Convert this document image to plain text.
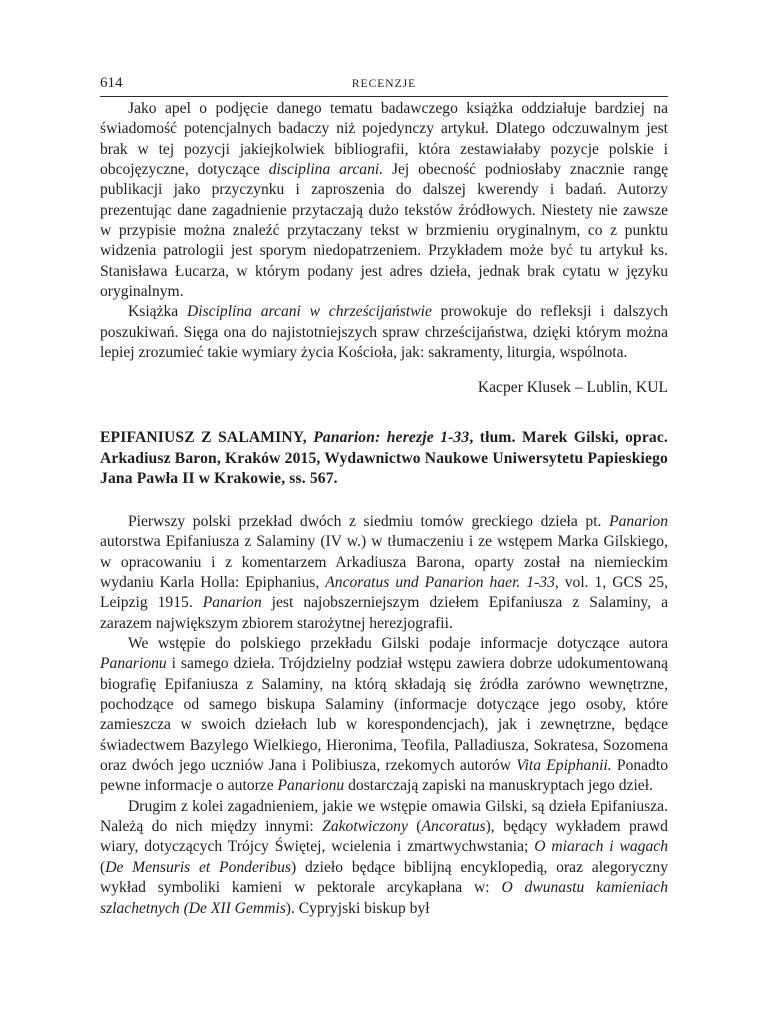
614	RECENZJE

Jako apel o podjęcie danego tematu badawczego książka oddziałuje bardziej na świadomość potencjalnych badaczy niż pojedynczy artykuł. Dlatego odczuwalnym jest brak w tej pozycji jakiejkolwiek bibliografii, która zestawiałaby pozycje polskie i obcojęzyczne, dotyczące disciplina arcani. Jej obecność podniosłaby znacznie rangę publikacji jako przyczynku i zaproszenia do dalszej kwerendy i badań. Autorzy prezentując dane zagadnienie przytaczają dużo tekstów źródłowych. Niestety nie zawsze w przypisie można znaleźć przytaczany tekst w brzmieniu oryginalnym, co z punktu widzenia patrologii jest sporym niedopatrzeniem. Przykładem może być tu artykuł ks. Stanisława Łucarza, w którym podany jest adres dzieła, jednak brak cytatu w języku oryginalnym.

Książka Disciplina arcani w chrześcijaństwie prowokuje do refleksji i dalszych poszukiwań. Sięga ona do najistotniejszych spraw chrześcijaństwa, dzięki którym można lepiej zrozumieć takie wymiary życia Kościoła, jak: sakramenty, liturgia, wspólnota.

Kacper Klusek – Lublin, KUL
EPIFANIUSZ Z SALAMINY, Panarion: herezje 1-33, tłum. Marek Gilski, oprac. Arkadiusz Baron, Kraków 2015, Wydawnictwo Naukowe Uniwersytetu Papieskiego Jana Pawła II w Krakowie, ss. 567.

Pierwszy polski przekład dwóch z siedmiu tomów greckiego dzieła pt. Panarion autorstwa Epifaniusza z Salaminy (IV w.) w tłumaczeniu i ze wstępem Marka Gilskiego, w opracowaniu i z komentarzem Arkadiusza Barona, oparty został na niemieckim wydaniu Karla Holla: Epiphanius, Ancoratus und Panarion haer. 1-33, vol. 1, GCS 25, Leipzig 1915. Panarion jest najobszerniejszym dziełem Epifaniusza z Salaminy, a zarazem największym zbiorem starożytnej herezjografii.

We wstępie do polskiego przekładu Gilski podaje informacje dotyczące autora Panarionu i samego dzieła. Trójdzielny podział wstępu zawiera dobrze udokumentowaną biografię Epifaniusza z Salaminy, na którą składają się źródła zarówno wewnętrzne, pochodzące od samego biskupa Salaminy (informacje dotyczące jego osoby, które zamieszcza w swoich dziełach lub w korespondencjach), jak i zewnętrzne, będące świadectwem Bazylego Wielkiego, Hieronima, Teofila, Palladiusza, Sokratesa, Sozomena oraz dwóch jego uczniów Jana i Polibiusza, rzekomych autorów Vita Epiphanii. Ponadto pewne informacje o autorze Panarionu dostarczają zapiski na manuskryptach jego dzieł.

Drugim z kolei zagadnieniem, jakie we wstępie omawia Gilski, są dzieła Epifaniusza. Należą do nich między innymi: Zakotwiczony (Ancoratus), będący wykładem prawd wiary, dotyczących Trójcy Świętej, wcielenia i zmartwychwstania; O miarach i wagach (De Mensuris et Ponderibus) dzieło będące biblijną encyklopedią, oraz alegoryczny wykład symboliki kamieni w pektorale arcykapłana w: O dwunastu kamieniach szlachetnych (De XII Gemmis). Cypryjski biskup był
